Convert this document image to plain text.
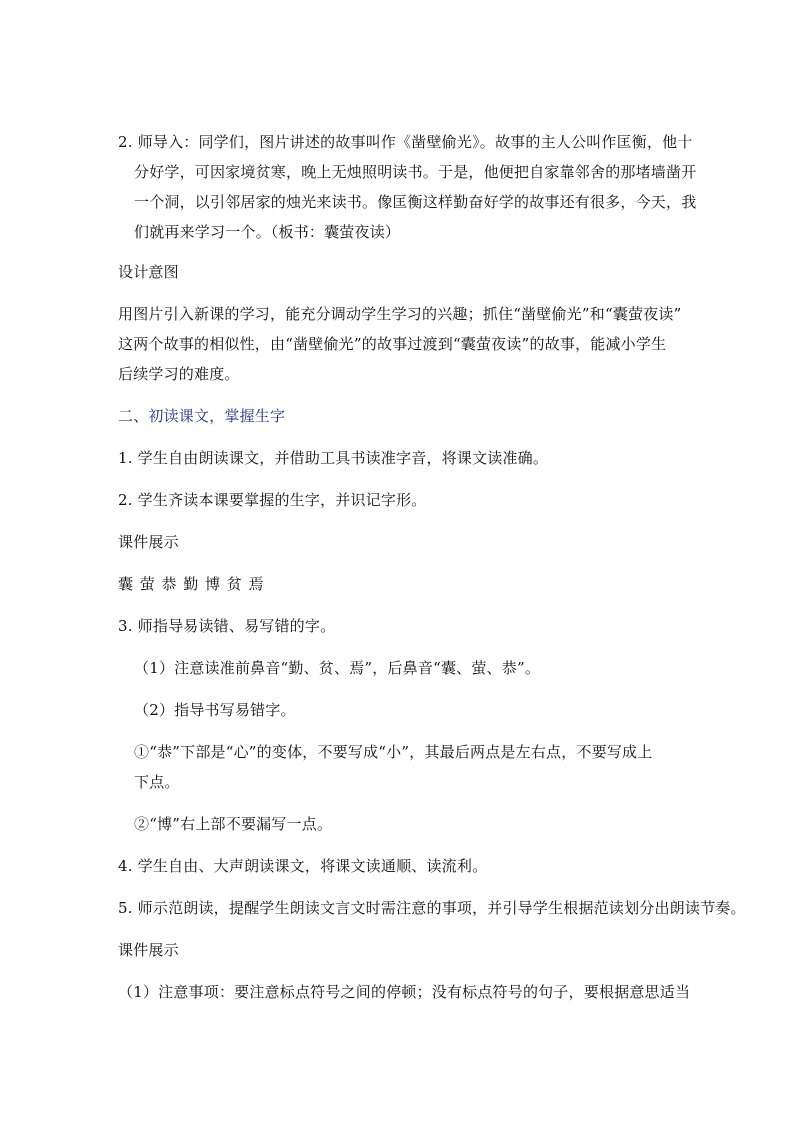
2. 师导入：同学们，图片讲述的故事叫作《凿壁偷光》。故事的主人公叫作匡衡，他十
分好学，可因家境贫寒，晚上无烛照明读书。于是，他便把自家靠邻舍的那堵墙凿开
一个洞，以引邻居家的烛光来读书。像匡衡这样勤奋好学的故事还有很多，今天，我
们就再来学习一个。（板书：囊萤夜读）
设计意图
用图片引入新课的学习，能充分调动学生学习的兴趣；抓住“凿壁偷光”和“囊萤夜读”
这两个故事的相似性，由“凿壁偷光”的故事过渡到“囊萤夜读”的故事，能减小学生
后续学习的难度。
二、初读课文，掌握生字
1. 学生自由朗读课文，并借助工具书读准字音，将课文读准确。
2. 学生齐读本课要掌握的生字，并识记字形。
课件展示
囊 萤 恭 勤 博 贫 焉
3. 师指导易读错、易写错的字。
（1）注意读准前鼻音“勤、贫、焉”，后鼻音“囊、萤、恭”。
（2）指导书写易错字。
①“恭”下部是“心”的变体，不要写成“小”，其最后两点是左右点，不要写成上
下点。
②“博”右上部不要漏写一点。
4. 学生自由、大声朗读课文，将课文读通顺、读流利。
5. 师示范朗读，提醒学生朗读文言文时需注意的事项，并引导学生根据范读划分出朗读节奏。
课件展示
（1）注意事项：要注意标点符号之间的停顿；没有标点符号的句子，要根据意思适当
